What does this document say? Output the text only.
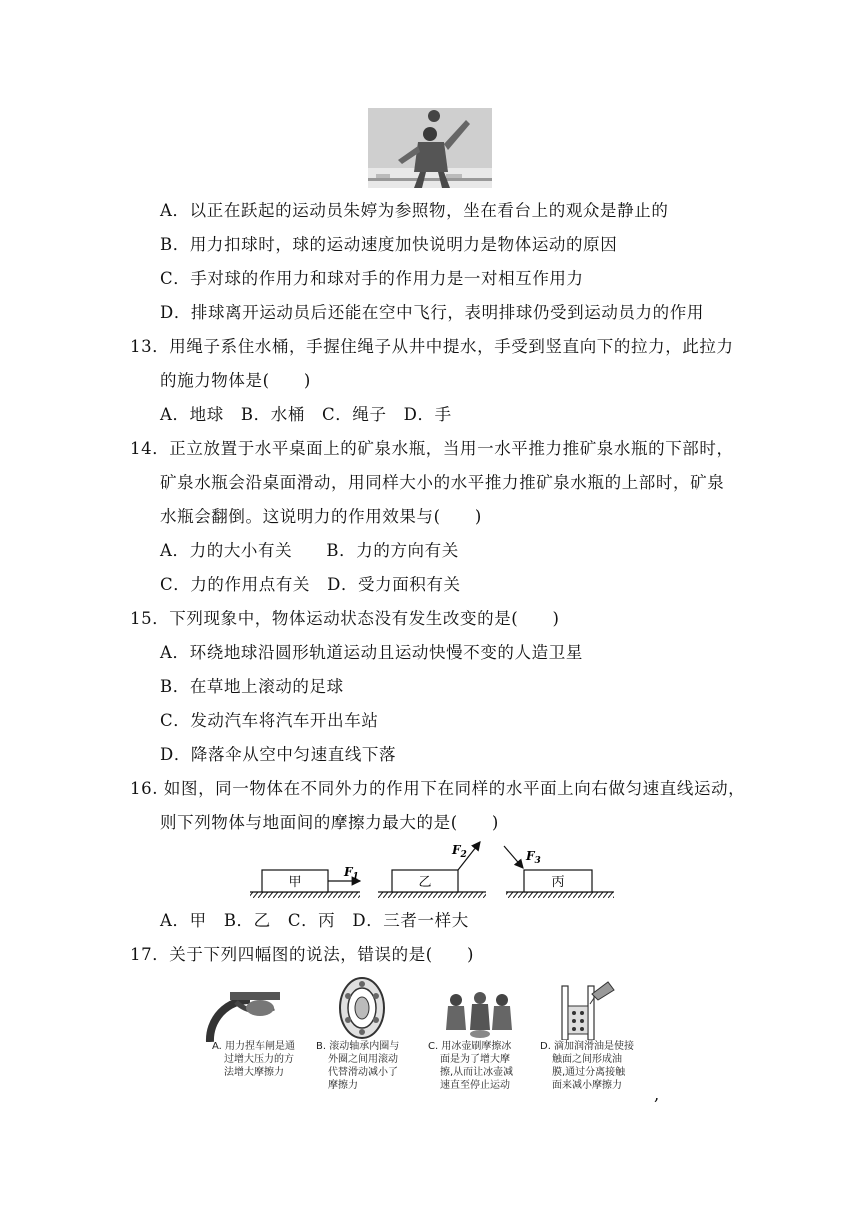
A．以正在跃起的运动员朱婷为参照物，坐在看台上的观众是静止的
B．用力扣球时，球的运动速度加快说明力是物体运动的原因
C．手对球的作用力和球对手的作用力是一对相互作用力
D．排球离开运动员后还能在空中飞行，表明排球仍受到运动员力的作用
13．用绳子系住水桶，手握住绳子从井中提水，手受到竖直向下的拉力，此拉力
的施力物体是(　　)
A．地球　B．水桶　C．绳子　D．手
14．正立放置于水平桌面上的矿泉水瓶，当用一水平推力推矿泉水瓶的下部时，
矿泉水瓶会沿桌面滑动，用同样大小的水平推力推矿泉水瓶的上部时，矿泉
水瓶会翻倒。这说明力的作用效果与(　　)
A．力的大小有关　　B．力的方向有关
C．力的作用点有关　D．受力面积有关
15．下列现象中，物体运动状态没有发生改变的是(　　)
A．环绕地球沿圆形轨道运动且运动快慢不变的人造卫星
B．在草地上滚动的足球
C．发动汽车将汽车开出车站
D．降落伞从空中匀速直线下落
16. 如图，同一物体在不同外力的作用下在同样的水平面上向右做匀速直线运动，
则下列物体与地面间的摩擦力最大的是(　　)
甲
$F_1$	乙
$F_2$
丙
$F_3$
A．甲　B．乙　C．丙　D．三者一样大
17．关于下列四幅图的说法，错误的是(　　)
A. 用力捏车闸是通
过增大压力的方
法增大摩擦力
B. 滚动轴承内圈与
外圈之间用滚动
代替滑动减小了
摩擦力
C. 用冰壶刷摩擦冰
面是为了增大摩
擦,从而让冰壶减
速直至停止运动
D. 滴加润滑油是使接
触面之间形成油
膜,通过分离接触
面来减小摩擦力	,
